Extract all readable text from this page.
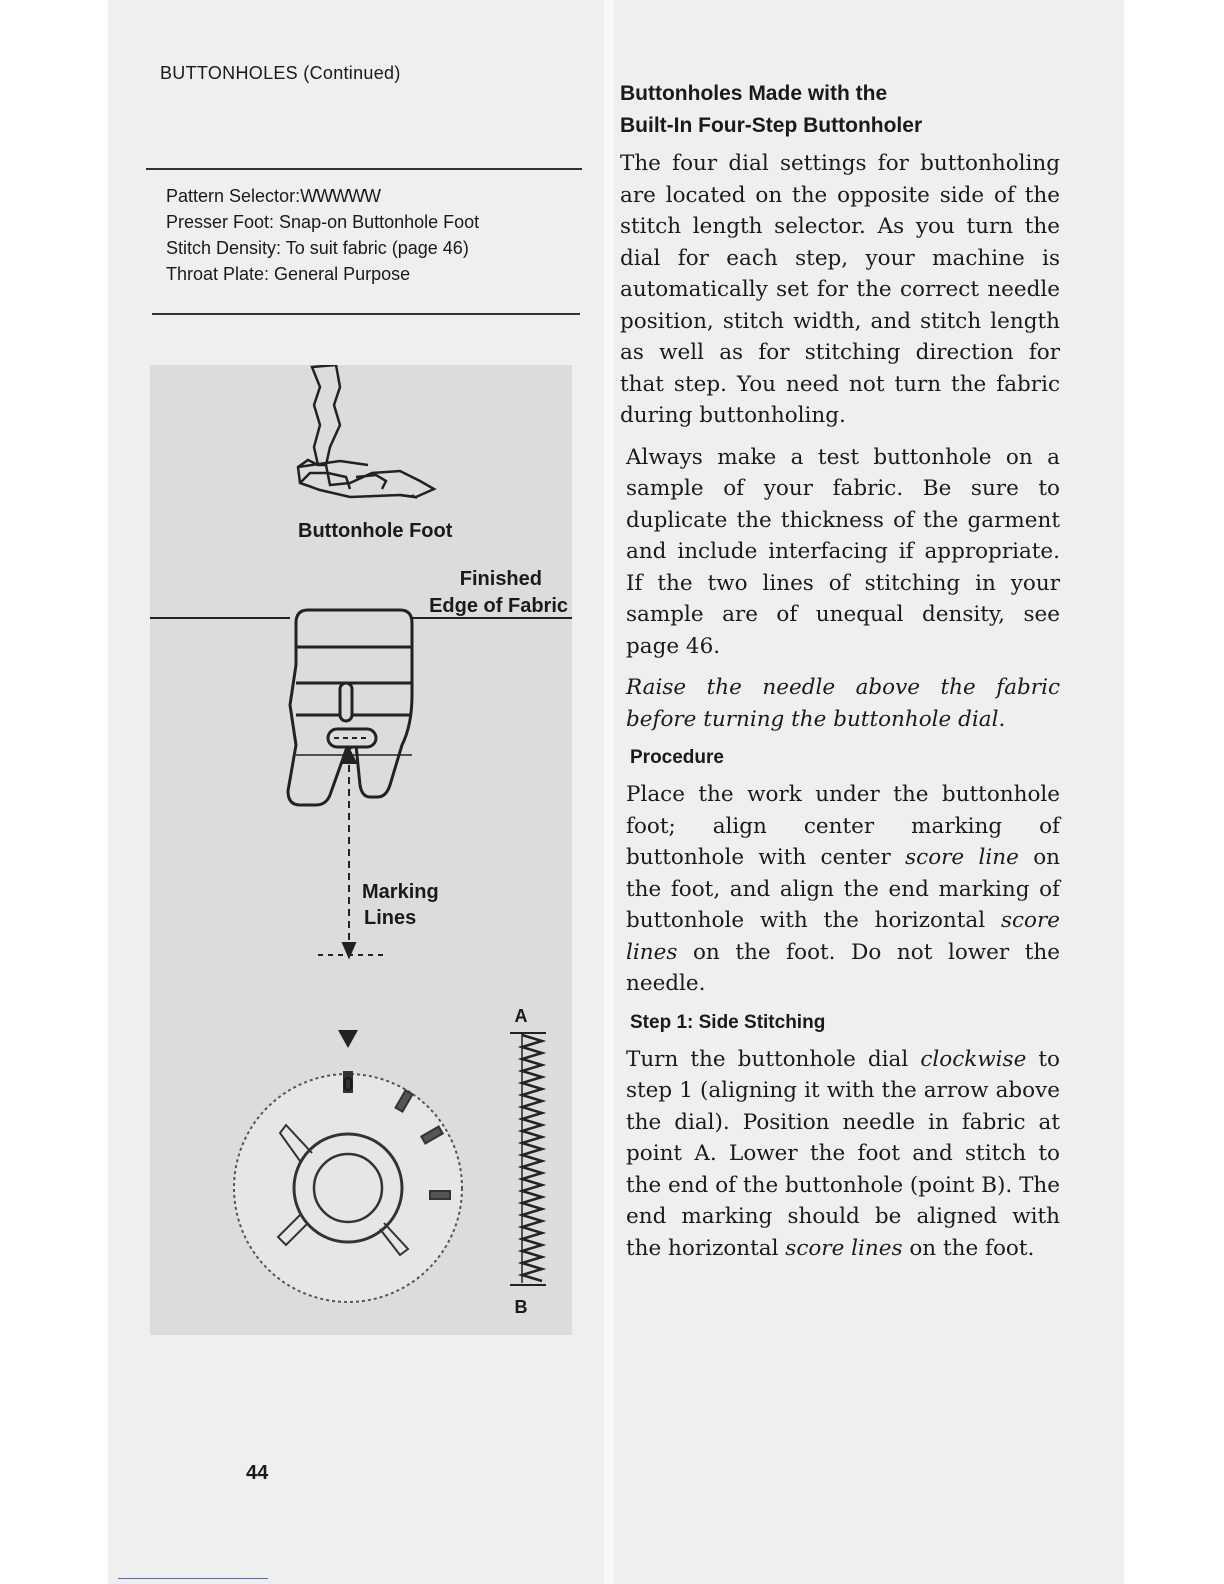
BUTTONHOLES (Continued)
Pattern Selector:WWWWW
Presser Foot: Snap-on Buttonhole Foot
Stitch Density: To suit fabric (page 46)
Throat Plate: General Purpose
Buttonhole Foot
Finished
Edge of Fabric
Marking
Lines
0
A
B
Buttonholes Made with the
Built-In Four-Step Buttonholer

The four dial settings for buttonholing are located on the opposite side of the stitch length selector. As you turn the dial for each step, your machine is automatically set for the correct needle position, stitch width, and stitch length as well as for stitching direction for that step. You need not turn the fabric during buttonholing.

Always make a test buttonhole on a sample of your fabric. Be sure to duplicate the thickness of the garment and include interfacing if appropriate. If the two lines of stitching in your sample are of unequal density, see page 46.

Raise the needle above the fabric before turning the buttonhole dial.

Procedure

Place the work under the buttonhole foot; align center marking of buttonhole with center score line on the foot, and align the end marking of buttonhole with the horizontal score lines on the foot. Do not lower the needle.

Step 1: Side Stitching

Turn the buttonhole dial clockwise to step 1 (aligning it with the arrow above the dial). Position needle in fabric at point A. Lower the foot and stitch to the end of the buttonhole (point B). The end marking should be aligned with the horizontal score lines on the foot.

44
